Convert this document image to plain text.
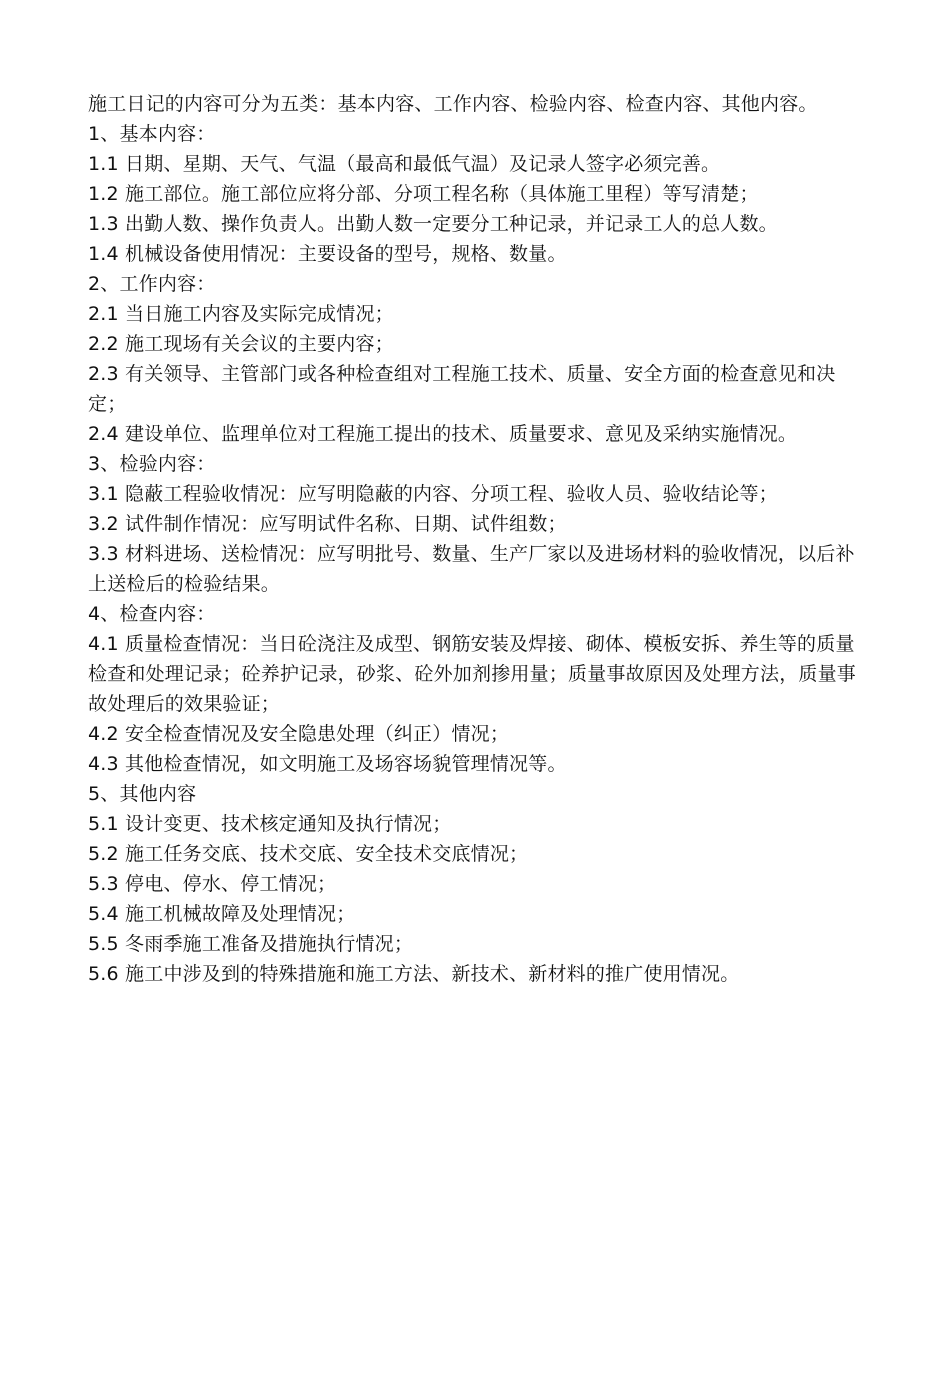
施工日记的内容可分为五类：基本内容、工作内容、检验内容、检查内容、其他内容。

1、基本内容：

1.1 日期、星期、天气、气温（最高和最低气温）及记录人签字必须完善。

1.2 施工部位。施工部位应将分部、分项工程名称（具体施工里程）等写清楚；

1.3 出勤人数、操作负责人。出勤人数一定要分工种记录，并记录工人的总人数。

1.4 机械设备使用情况：主要设备的型号，规格、数量。

2、工作内容：

2.1 当日施工内容及实际完成情况；

2.2 施工现场有关会议的主要内容；

2.3 有关领导、主管部门或各种检查组对工程施工技术、质量、安全方面的检查意见和决定；

2.4 建设单位、监理单位对工程施工提出的技术、质量要求、意见及采纳实施情况。

3、检验内容：

3.1 隐蔽工程验收情况：应写明隐蔽的内容、分项工程、验收人员、验收结论等；

3.2 试件制作情况：应写明试件名称、日期、试件组数；

3.3 材料进场、送检情况：应写明批号、数量、生产厂家以及进场材料的验收情况，以后补上送检后的检验结果。

4、检查内容：

4.1 质量检查情况：当日砼浇注及成型、钢筋安装及焊接、砌体、模板安拆、养生等的质量检查和处理记录；砼养护记录，砂浆、砼外加剂掺用量；质量事故原因及处理方法，质量事故处理后的效果验证；

4.2 安全检查情况及安全隐患处理（纠正）情况；

4.3 其他检查情况，如文明施工及场容场貌管理情况等。

5、其他内容

5.1 设计变更、技术核定通知及执行情况；

5.2 施工任务交底、技术交底、安全技术交底情况；

5.3 停电、停水、停工情况；

5.4 施工机械故障及处理情况；

5.5 冬雨季施工准备及措施执行情况；

5.6 施工中涉及到的特殊措施和施工方法、新技术、新材料的推广使用情况。
